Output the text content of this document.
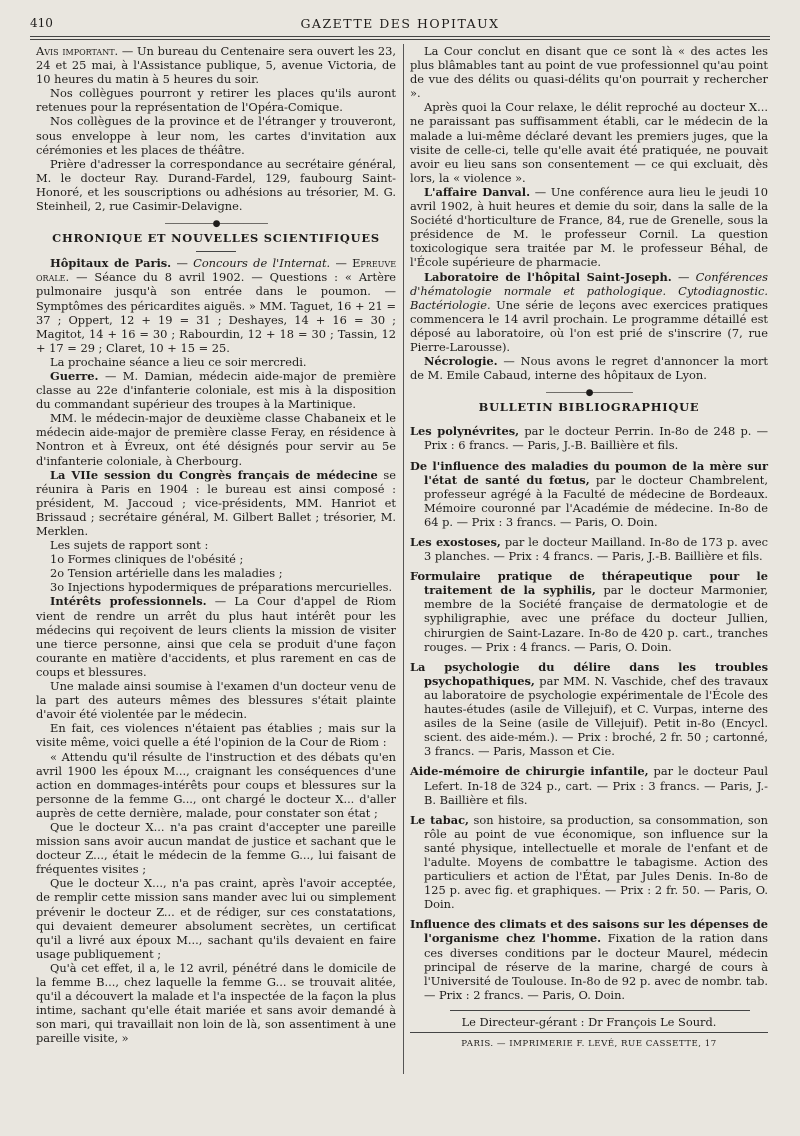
410	GAZETTE DES HOPITAUX

Avis important. — Un bureau du Centenaire sera ouvert les 23, 24 et 25 mai, à l'Assistance publique, 5, avenue Victoria, de 10 heures du matin à 5 heures du soir.

Nos collègues pourront y retirer les places qu'ils auront retenues pour la représentation de l'Opéra-Comique.

Nos collègues de la province et de l'étranger y trouveront, sous enveloppe à leur nom, les cartes d'invitation aux cérémonies et les places de théâtre.

Prière d'adresser la correspondance au secrétaire général, M. le docteur Ray. Durand-Fardel, 129, faubourg Saint-Honoré, et les souscriptions ou adhésions au trésorier, M. G. Steinheil, 2, rue Casimir-Delavigne.

——————●——————
CHRONIQUE ET NOUVELLES SCIENTIFIQUES

Hôpitaux de Paris. — Concours de l'Internat. — Epreuve orale. — Séance du 8 avril 1902. — Questions : « Artère pulmonaire jusqu'à son entrée dans le poumon. — Symptômes des péricardites aiguës. » MM. Taguet, 16 + 21 = 37 ; Oppert, 12 + 19 = 31 ; Deshayes, 14 + 16 = 30 ; Magitot, 14 + 16 = 30 ; Rabourdin, 12 + 18 = 30 ; Tassin, 12 + 17 = 29 ; Claret, 10 + 15 = 25.

La prochaine séance a lieu ce soir mercredi.

Guerre. — M. Damian, médecin aide-major de première classe au 22e d'infanterie coloniale, est mis à la disposition du commandant supérieur des troupes à la Martinique.

MM. le médecin-major de deuxième classe Chabaneix et le médecin aide-major de première classe Feray, en résidence à Nontron et à Évreux, ont été désignés pour servir au 5e d'infanterie coloniale, à Cherbourg.

La VIIe session du Congrès français de médecine se réunira à Paris en 1904 : le bureau est ainsi composé : président, M. Jaccoud ; vice-présidents, MM. Hanriot et Brissaud ; secrétaire général, M. Gilbert Ballet ; trésorier, M. Merklen.

Les sujets de rapport sont :

1o Formes cliniques de l'obésité ;

2o Tension artérielle dans les maladies ;

3o Injections hypodermiques de préparations mercurielles.

Intérêts professionnels. — La Cour d'appel de Riom vient de rendre un arrêt du plus haut intérêt pour les médecins qui reçoivent de leurs clients la mission de visiter une tierce personne, ainsi que cela se produit d'une façon courante en matière d'accidents, et plus rarement en cas de coups et blessures.

Une malade ainsi soumise à l'examen d'un docteur venu de la part des auteurs mêmes des blessures s'était plainte d'avoir été violentée par le médecin.

En fait, ces violences n'étaient pas établies ; mais sur la visite même, voici quelle a été l'opinion de la Cour de Riom :

« Attendu qu'il résulte de l'instruction et des débats qu'en avril 1900 les époux M..., craignant les conséquences d'une action en dommages-intérêts pour coups et blessures sur la personne de la femme G..., ont chargé le docteur X... d'aller auprès de cette dernière, malade, pour constater son état ;

Que le docteur X... n'a pas craint d'accepter une pareille mission sans avoir aucun mandat de justice et sachant que le docteur Z..., était le médecin de la femme G..., lui faisant de fréquentes visites ;

Que le docteur X..., n'a pas craint, après l'avoir acceptée, de remplir cette mission sans mander avec lui ou simplement prévenir le docteur Z... et de rédiger, sur ces constatations, qui devaient demeurer absolument secrètes, un certificat qu'il a livré aux époux M..., sachant qu'ils devaient en faire usage publiquement ;

Qu'à cet effet, il a, le 12 avril, pénétré dans le domicile de la femme B..., chez laquelle la femme G... se trouvait alitée, qu'il a découvert la malade et l'a inspectée de la façon la plus intime, sachant qu'elle était mariée et sans avoir demandé à son mari, qui travaillait non loin de là, son assentiment à une pareille visite, »

La Cour conclut en disant que ce sont là « des actes les plus blâmables tant au point de vue professionnel qu'au point de vue des délits ou quasi-délits qu'on pourrait y rechercher ».

Après quoi la Cour relaxe, le délit reproché au docteur X... ne paraissant pas suffisamment établi, car le médecin de la malade a lui-même déclaré devant les premiers juges, que la visite de celle-ci, telle qu'elle avait été pratiquée, ne pouvait avoir eu lieu sans son consentement — ce qui excluait, dès lors, la « violence ».

L'affaire Danval. — Une conférence aura lieu le jeudi 10 avril 1902, à huit heures et demie du soir, dans la salle de la Société d'horticulture de France, 84, rue de Grenelle, sous la présidence de M. le professeur Cornil. La question toxicologique sera traitée par M. le professeur Béhal, de l'École supérieure de pharmacie.

Laboratoire de l'hôpital Saint-Joseph. — Conférences d'hématologie normale et pathologique. Cytodiagnostic. Bactériologie. Une série de leçons avec exercices pratiques commencera le 14 avril prochain. Le programme détaillé est déposé au laboratoire, où l'on est prié de s'inscrire (7, rue Pierre-Larousse).

Nécrologie. — Nous avons le regret d'annoncer la mort de M. Emile Cabaud, interne des hôpitaux de Lyon.

—————●—————
BULLETIN BIBLIOGRAPHIQUE

Les polynévrites, par le docteur Perrin. In-8o de 248 p. — Prix : 6 francs. — Paris, J.-B. Baillière et fils.

De l'influence des maladies du poumon de la mère sur l'état de santé du fœtus, par le docteur Chambrelent, professeur agrégé à la Faculté de médecine de Bordeaux. Mémoire couronné par l'Académie de médecine. In-8o de 64 p. — Prix : 3 francs. — Paris, O. Doin.

Les exostoses, par le docteur Mailland. In-8o de 173 p. avec 3 planches. — Prix : 4 francs. — Paris, J.-B. Baillière et fils.

Formulaire pratique de thérapeutique pour le traitement de la syphilis, par le docteur Marmonier, membre de la Société française de dermatologie et de syphiligraphie, avec une préface du docteur Jullien, chirurgien de Saint-Lazare. In-8o de 420 p. cart., tranches rouges. — Prix : 4 francs. — Paris, O. Doin.

La psychologie du délire dans les troubles psychopathiques, par MM. N. Vaschide, chef des travaux au laboratoire de psychologie expérimentale de l'École des hautes-études (asile de Villejuif), et C. Vurpas, interne des asiles de la Seine (asile de Villejuif). Petit in-8o (Encycl. scient. des aide-mém.). — Prix : broché, 2 fr. 50 ; cartonné, 3 francs. — Paris, Masson et Cie.

Aide-mémoire de chirurgie infantile, par le docteur Paul Lefert. In-18 de 324 p., cart. — Prix : 3 francs. — Paris, J.-B. Baillière et fils.

Le tabac, son histoire, sa production, sa consommation, son rôle au point de vue économique, son influence sur la santé physique, intellectuelle et morale de l'enfant et de l'adulte. Moyens de combattre le tabagisme. Action des particuliers et action de l'État, par Jules Denis. In-8o de 125 p. avec fig. et graphiques. — Prix : 2 fr. 50. — Paris, O. Doin.

Influence des climats et des saisons sur les dépenses de l'organisme chez l'homme. Fixation de la ration dans ces diverses conditions par le docteur Maurel, médecin principal de réserve de la marine, chargé de cours à l'Université de Toulouse. In-8o de 92 p. avec de nombr. tab. — Prix : 2 francs. — Paris, O. Doin.

Le Directeur-gérant : Dr François Le Sourd.
PARIS. — IMPRIMERIE F. LEVÉ, RUE CASSETTE, 17
